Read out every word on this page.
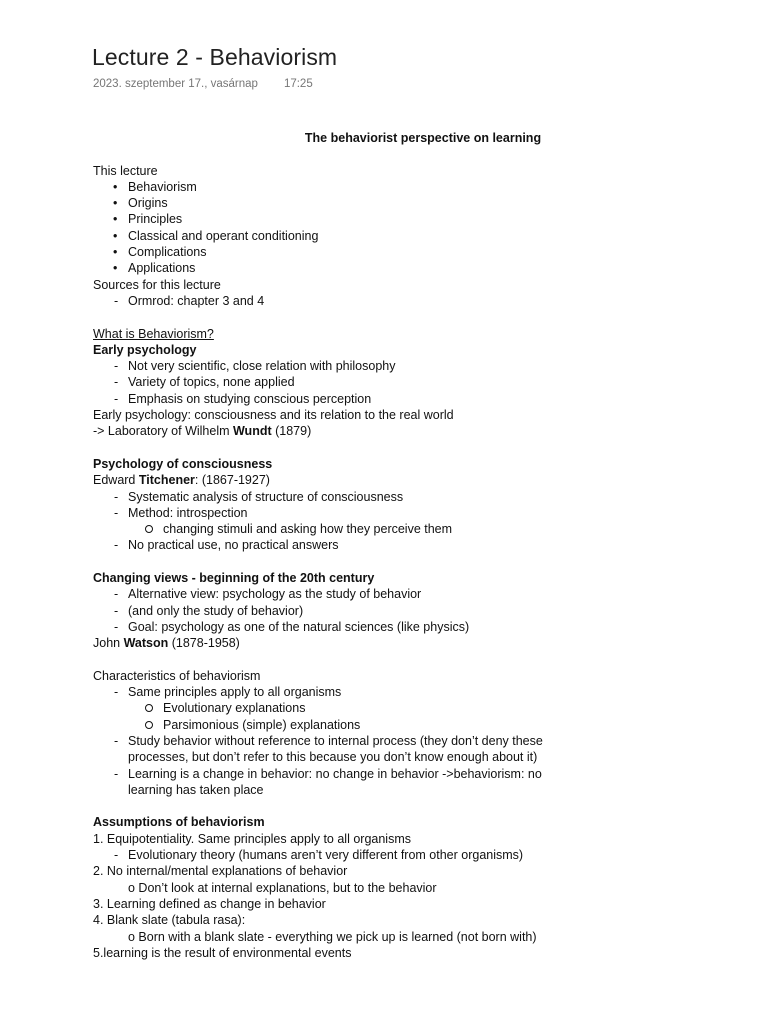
Lecture 2 - Behaviorism
2023. szeptember 17., vasárnap 17:25
The behaviorist perspective on learning
This lecture
• Behaviorism
• Origins
• Principles
• Classical and operant conditioning
• Complications
• Applications
Sources for this lecture
- Ormrod: chapter 3 and 4
What is Behaviorism?
Early psychology
- Not very scientific, close relation with philosophy
- Variety of topics, none applied
- Emphasis on studying conscious perception
Early psychology: consciousness and its relation to the real world
-> Laboratory of Wilhelm Wundt (1879)
Psychology of consciousness
Edward Titchener: (1867-1927)
- Systematic analysis of structure of consciousness
- Method: introspection
changing stimuli and asking how they perceive them
- No practical use, no practical answers
Changing views - beginning of the 20th century
- Alternative view: psychology as the study of behavior
- (and only the study of behavior)
- Goal: psychology as one of the natural sciences (like physics)
John Watson (1878-1958)
Characteristics of behaviorism
- Same principles apply to all organisms
Evolutionary explanations
Parsimonious (simple) explanations
- Study behavior without reference to internal process (they don’t deny these processes, but don’t refer to this because you don’t know enough about it)
- Learning is a change in behavior: no change in behavior ->behaviorism: no learning has taken place
Assumptions of behaviorism
1. Equipotentiality. Same principles apply to all organisms
- Evolutionary theory (humans aren’t very different from other organisms)
2. No internal/mental explanations of behavior
o Don’t look at internal explanations, but to the behavior
3. Learning defined as change in behavior
4. Blank slate (tabula rasa):
o Born with a blank slate - everything we pick up is learned (not born with)
5.learning is the result of environmental events
